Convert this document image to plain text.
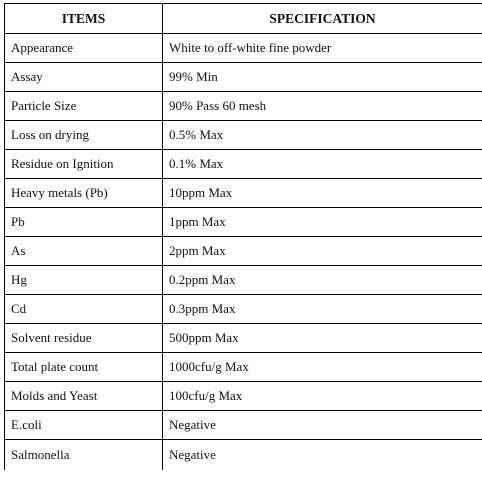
ITEMS	SPECIFICATION
Appearance	White to off-white fine powder
Assay	99% Min
Particle Size	90% Pass 60 mesh
Loss on drying	0.5% Max
Residue on Ignition	0.1% Max
Heavy metals (Pb)	10ppm Max
Pb	1ppm Max
As	2ppm Max
Hg	0.2ppm Max
Cd	0.3ppm Max
Solvent residue	500ppm Max
Total plate count	1000cfu/g Max
Molds and Yeast	100cfu/g Max
E.coli	Negative
Salmonella	Negative
